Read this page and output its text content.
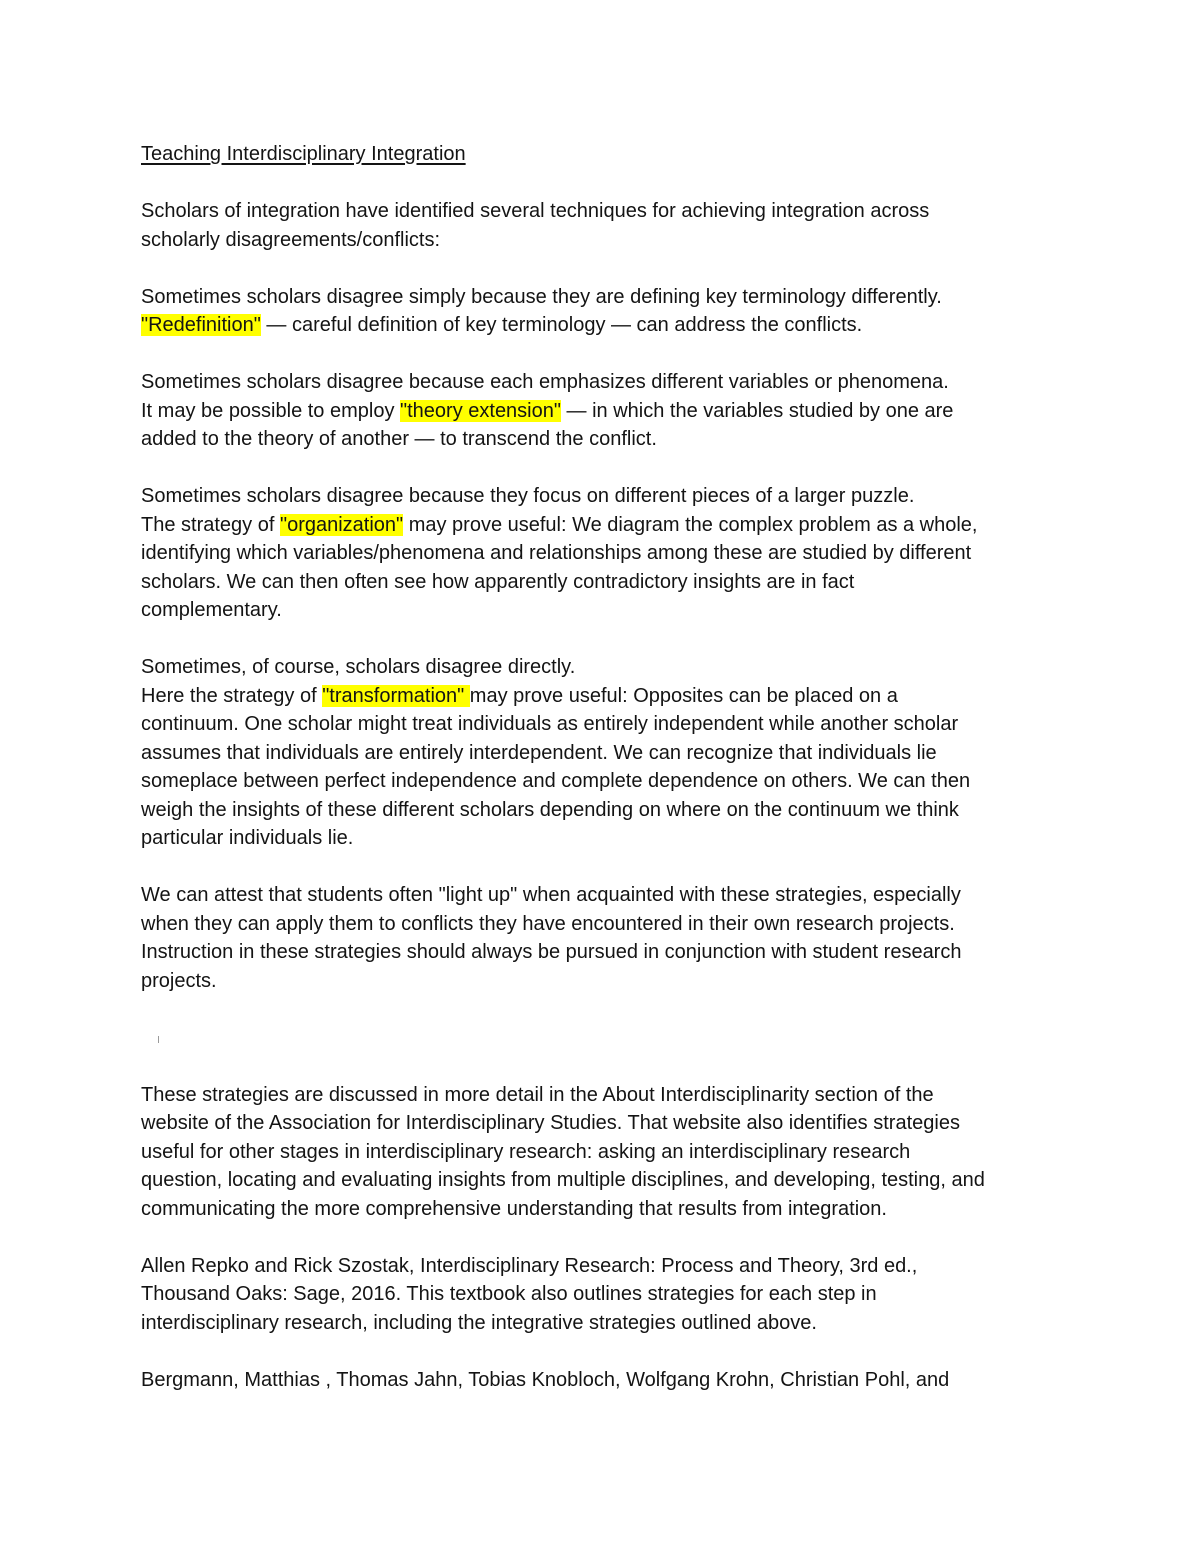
Teaching Interdisciplinary Integration
Scholars of integration have identified several techniques for achieving integration across
scholarly disagreements/conflicts:
Sometimes scholars disagree simply because they are defining key terminology differently.
"Redefinition" — careful definition of key terminology — can address the conflicts.
Sometimes scholars disagree because each emphasizes different variables or phenomena.
It may be possible to employ "theory extension" — in which the variables studied by one are
added to the theory of another — to transcend the conflict.
Sometimes scholars disagree because they focus on different pieces of a larger puzzle.
The strategy of "organization" may prove useful: We diagram the complex problem as a whole,
identifying which variables/phenomena and relationships among these are studied by different
scholars. We can then often see how apparently contradictory insights are in fact
complementary.
Sometimes, of course, scholars disagree directly.
Here the strategy of "transformation" may prove useful: Opposites can be placed on a
continuum. One scholar might treat individuals as entirely independent while another scholar
assumes that individuals are entirely interdependent. We can recognize that individuals lie
someplace between perfect independence and complete dependence on others. We can then
weigh the insights of these different scholars depending on where on the continuum we think
particular individuals lie.
We can attest that students often "light up" when acquainted with these strategies, especially
when they can apply them to conflicts they have encountered in their own research projects.
Instruction in these strategies should always be pursued in conjunction with student research
projects.
These strategies are discussed in more detail in the About Interdisciplinarity section of the
website of the Association for Interdisciplinary Studies. That website also identifies strategies
useful for other stages in interdisciplinary research: asking an interdisciplinary research
question, locating and evaluating insights from multiple disciplines, and developing, testing, and
communicating the more comprehensive understanding that results from integration.
Allen Repko and Rick Szostak, Interdisciplinary Research: Process and Theory, 3rd ed.,
Thousand Oaks: Sage, 2016. This textbook also outlines strategies for each step in
interdisciplinary research, including the integrative strategies outlined above.
Bergmann, Matthias , Thomas Jahn, Tobias Knobloch, Wolfgang Krohn, Christian Pohl, and
